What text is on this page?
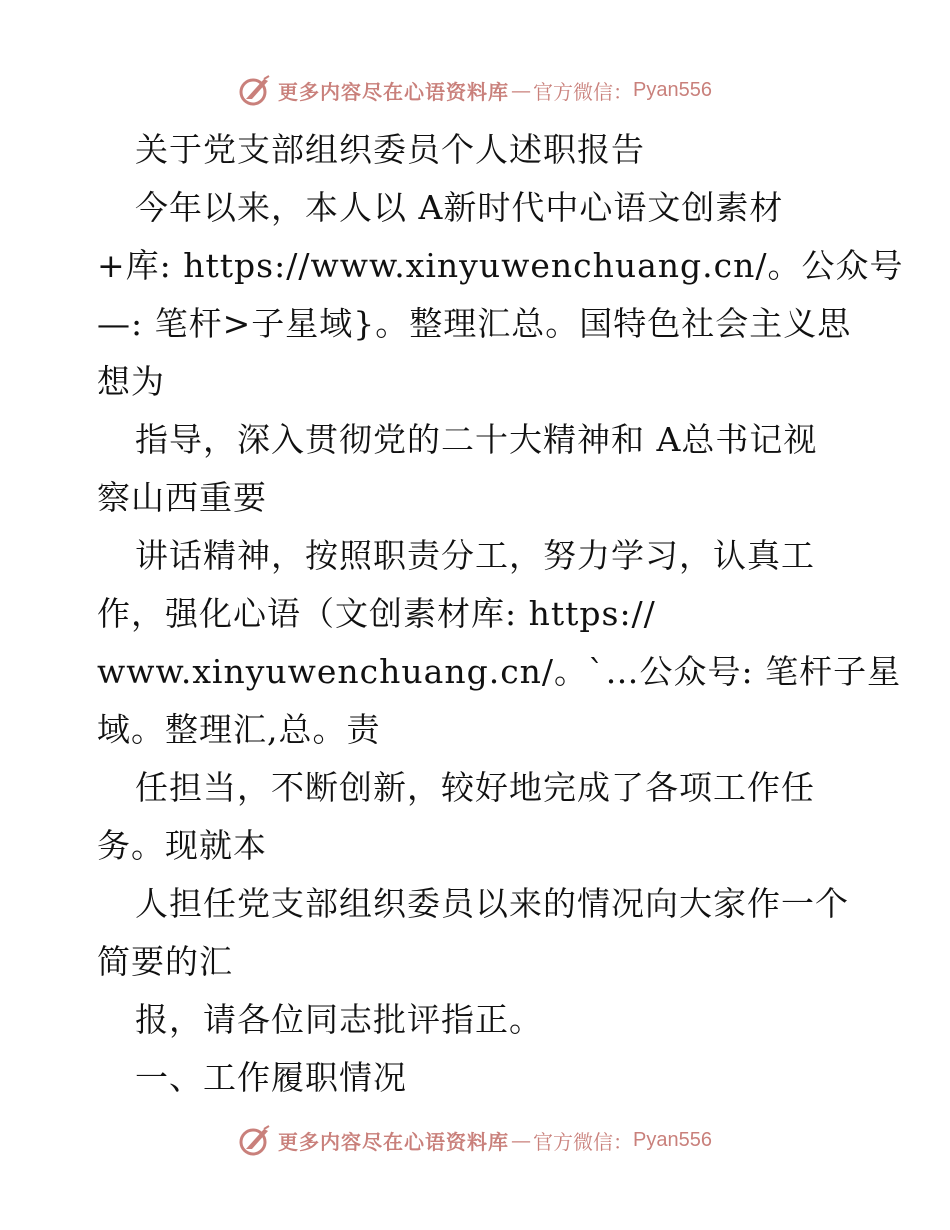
更多内容尽在心语资料库 — 官方微信： Pyan556
关于党支部组织委员个人述职报告
今年以来，本人以 A新时代中心语文创素材
+库: https://www.xinyuwenchuang.cn/。公众号
—: 笔杆>子星域}。整理汇总。国特色社会主义思
想为
指导，深入贯彻党的二十大精神和 A总书记视
察山西重要
讲话精神，按照职责分工，努力学习，认真工
作，强化心语（文创素材库: https://
www.xinyuwenchuang.cn/。`…公众号: 笔杆子星
域。整理汇,总。责
任担当，不断创新，较好地完成了各项工作任
务。现就本
人担任党支部组织委员以来的情况向大家作一个
简要的汇
报，请各位同志批评指正。
一、工作履职情况
更多内容尽在心语资料库 — 官方微信： Pyan556
